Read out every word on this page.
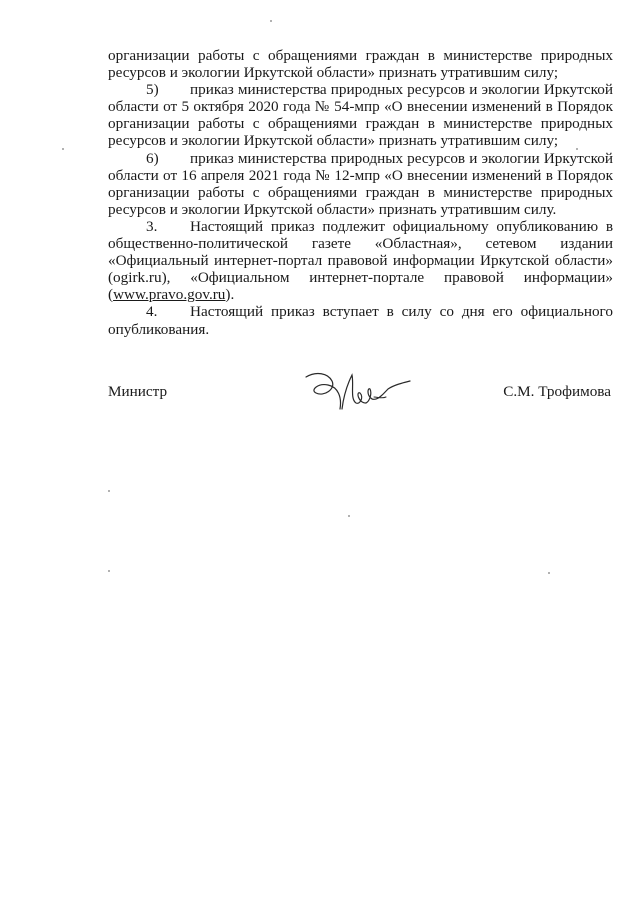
организации работы с обращениями граждан в министерстве природных ресурсов и экологии Иркутской области» признать утратившим силу;

5) приказ министерства природных ресурсов и экологии Иркутской области от 5 октября 2020 года № 54-мпр «О внесении изменений в Порядок организации работы с обращениями граждан в министерстве природных ресурсов и экологии Иркутской области» признать утратившим силу;

6) приказ министерства природных ресурсов и экологии Иркутской области от 16 апреля 2021 года № 12-мпр «О внесении изменений в Порядок организации работы с обращениями граждан в министерстве природных ресурсов и экологии Иркутской области» признать утратившим силу.

3. Настоящий приказ подлежит официальному опубликованию в общественно-политической газете «Областная», сетевом издании «Официальный интернет-портал правовой информации Иркутской области» (ogirk.ru), «Официальном интернет-портале правовой информации» (www.pravo.gov.ru).

4. Настоящий приказ вступает в силу со дня его официального опубликования.

Министр	С.М. Трофимова
